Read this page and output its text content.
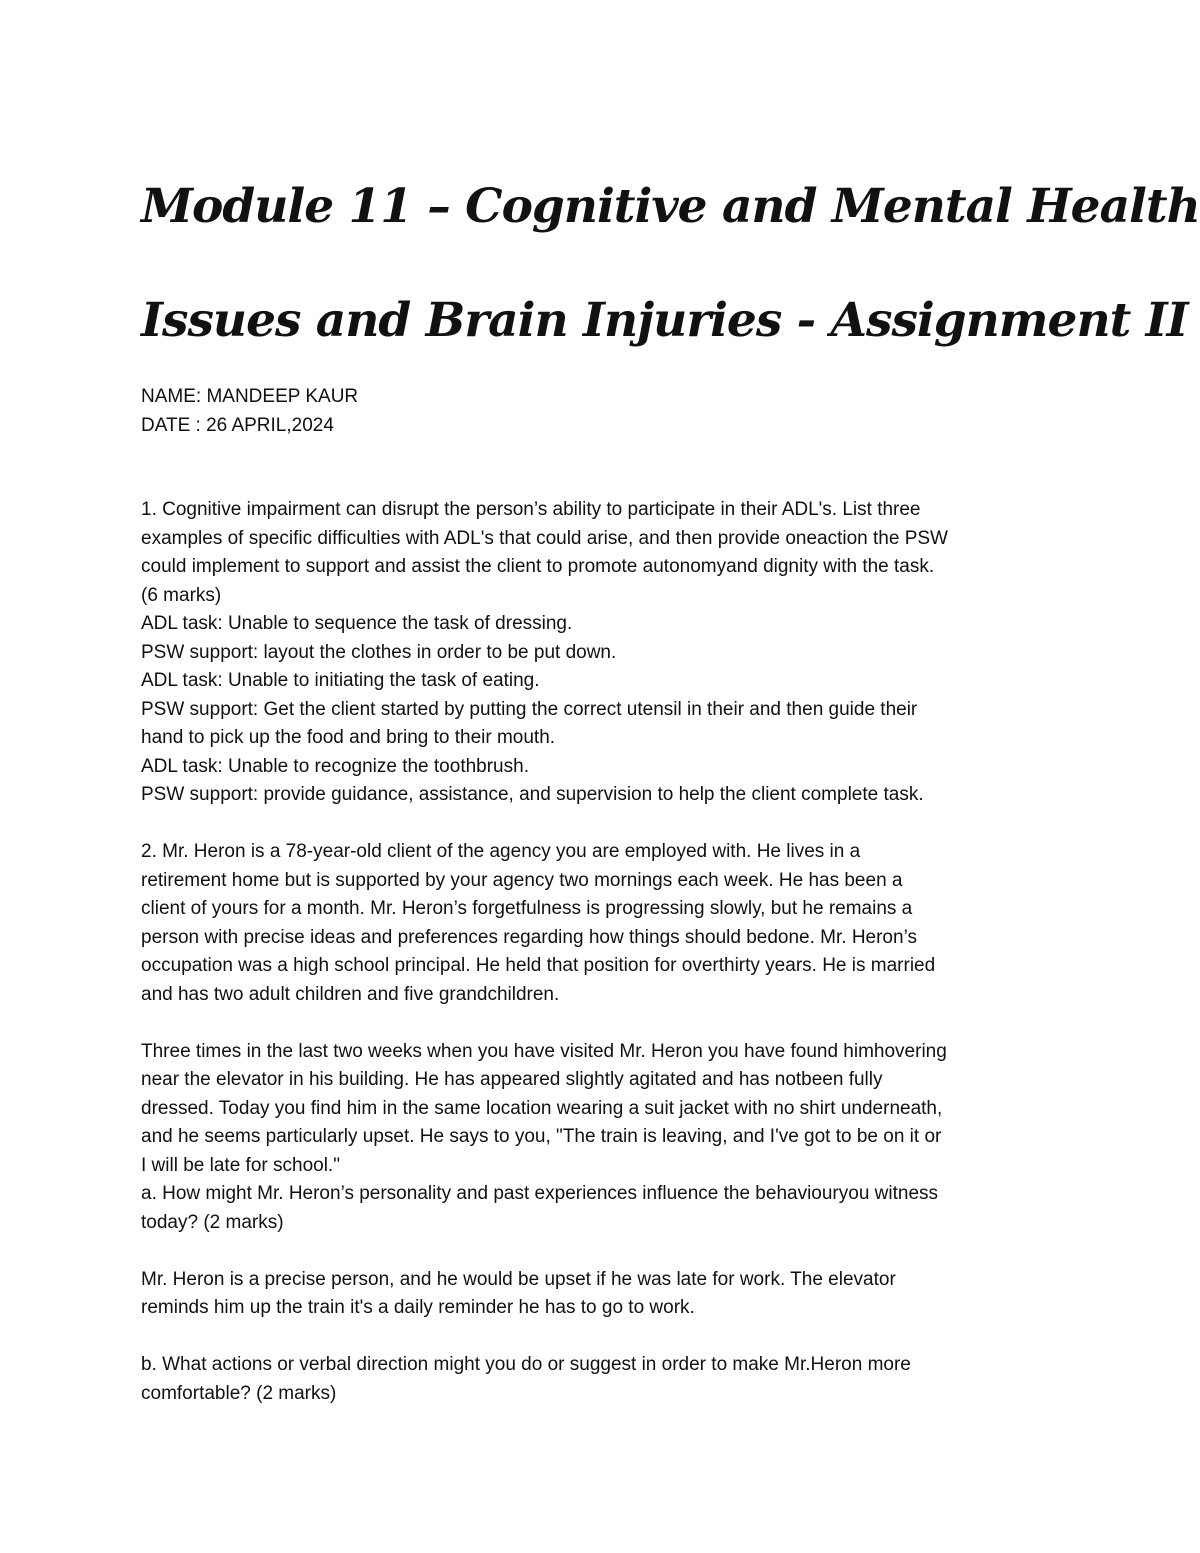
Module 11 – Cognitive and Mental Health
Issues and Brain Injuries - Assignment II
NAME: MANDEEP KAUR
DATE : 26 APRIL,2024
1. Cognitive impairment can disrupt the person’s ability to participate in their ADL's. List three
examples of specific difficulties with ADL's that could arise, and then provide oneaction the PSW
could implement to support and assist the client to promote autonomyand dignity with the task.
(6 marks)
ADL task: Unable to sequence the task of dressing.
PSW support: layout the clothes in order to be put down.
ADL task: Unable to initiating the task of eating.
PSW support: Get the client started by putting the correct utensil in their and then guide their
hand to pick up the food and bring to their mouth.
ADL task: Unable to recognize the toothbrush.
PSW support: provide guidance, assistance, and supervision to help the client complete task.
2. Mr. Heron is a 78-year-old client of the agency you are employed with. He lives in a
retirement home but is supported by your agency two mornings each week. He has been a
client of yours for a month. Mr. Heron’s forgetfulness is progressing slowly, but he remains a
person with precise ideas and preferences regarding how things should bedone. Mr. Heron’s
occupation was a high school principal. He held that position for overthirty years. He is married
and has two adult children and five grandchildren.
Three times in the last two weeks when you have visited Mr. Heron you have found himhovering
near the elevator in his building. He has appeared slightly agitated and has notbeen fully
dressed. Today you find him in the same location wearing a suit jacket with no shirt underneath,
and he seems particularly upset. He says to you, "The train is leaving, and I've got to be on it or
I will be late for school."
a. How might Mr. Heron’s personality and past experiences influence the behaviouryou witness
today? (2 marks)
Mr. Heron is a precise person, and he would be upset if he was late for work. The elevator
reminds him up the train it's a daily reminder he has to go to work.
b. What actions or verbal direction might you do or suggest in order to make Mr.Heron more
comfortable? (2 marks)
